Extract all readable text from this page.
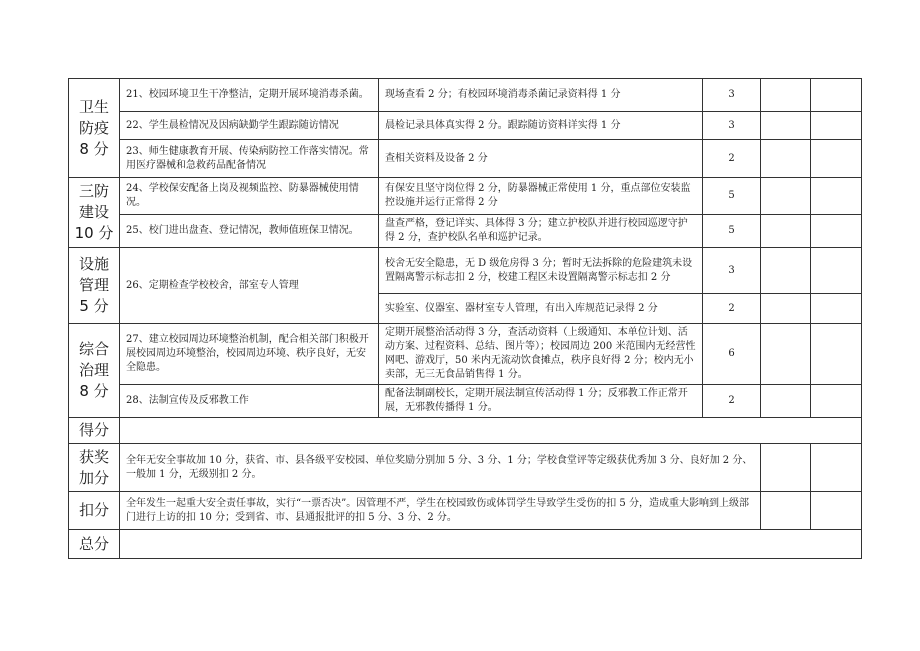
卫生
防疫
8 分	21、校园环境卫生干净整洁，定期开展环境消毒杀菌。	现场查看 2 分；有校园环境消毒杀菌记录资料得 1 分	3		
	22、学生晨检情况及因病缺勤学生跟踪随访情况	晨检记录具体真实得 2 分。跟踪随访资料详实得 1 分	3		
	23、师生健康教育开展、传染病防控工作落实情况。常用医疗器械和急救药品配备情况	查相关资料及设备 2 分	2		

三防
建设
10 分	24、学校保安配备上岗及视频监控、防暴器械使用情况。	有保安且坚守岗位得 2 分，防暴器械正常使用 1 分，重点部位安装监控设施并运行正常得 2 分	5		
	25、校门进出盘查、登记情况，教师值班保卫情况。	盘查严格，登记详实、具体得 3 分；建立护校队并进行校园巡逻守护得 2 分，查护校队名单和巡护记录。	5		

设施
管理
5 分	26、定期检查学校校舍，部室专人管理	校舍无安全隐患，无 D 级危房得 3 分；暂时无法拆除的危险建筑未设置隔离警示标志扣 2 分，校建工程区未设置隔离警示标志扣 2 分	3		
		实验室、仪器室、器材室专人管理，有出入库规范记录得 2 分	2		

综合
治理
8 分	27、建立校园周边环境整治机制，配合相关部门积极开展校园周边环境整治，校园周边环境、秩序良好，无安全隐患。	定期开展整治活动得 3 分，查活动资料（上级通知、本单位计划、活动方案、过程资料、总结、图片等）；校园周边 200 米范围内无经营性网吧、游戏厅，50 米内无流动饮食摊点，秩序良好得 2 分；校内无小卖部，无三无食品销售得 1 分。	6		
	28、法制宣传及反邪教工作	配备法制副校长，定期开展法制宣传活动得 1 分；反邪教工作正常开展，无邪教传播得 1 分。	2		

得分					

获奖
加分	全年无安全事故加 10 分，获省、市、县各级平安校园、单位奖励分别加 5 分、3 分、1 分；学校食堂评等定级获优秀加 3 分、良好加 2 分、一般加 1 分，无级别扣 2 分。				

扣分	全年发生一起重大安全责任事故，实行“一票否决”。因管理不严，学生在校园致伤或体罚学生导致学生受伤的扣 5 分，造成重大影响到上级部门进行上访的扣 10 分；受到省、市、县通报批评的扣 5 分、3 分、2 分。				

总分					
